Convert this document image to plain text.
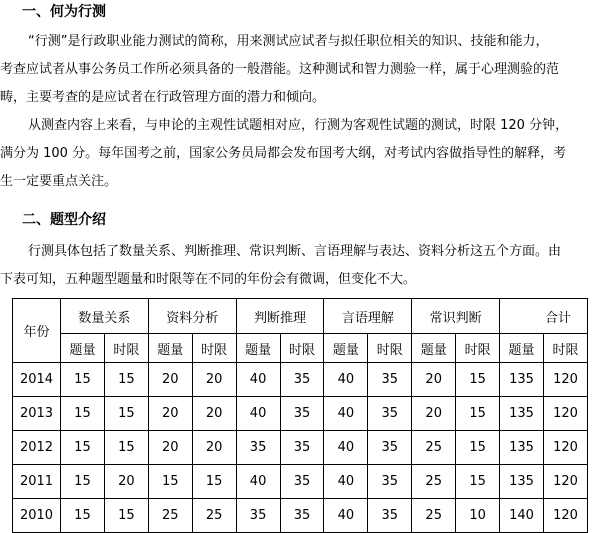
一、何为行测
“行测”是行政职业能力测试的简称，用来测试应试者与拟任职位相关的知识、技能和能力，
考查应试者从事公务员工作所必须具备的一般潜能。这种测试和智力测验一样，属于心理测验的范
畴，主要考查的是应试者在行政管理方面的潜力和倾向。
从测查内容上来看，与申论的主观性试题相对应，行测为客观性试题的测试，时限 120 分钟，
满分为 100 分。每年国考之前，国家公务员局都会发布国考大纲，对考试内容做指导性的解释，考
生一定要重点关注。
二、题型介绍
行测具体包括了数量关系、判断推理、常识判断、言语理解与表达、资料分析这五个方面。由
下表可知，五种题型题量和时限等在不同的年份会有微调，但变化不大。
年份	数量关系		资料分析		判断推理		言语理解		常识判断		合计	
	题量	时限	题量	时限	题量	时限	题量	时限	题量	时限	题量	时限
2014	15	15	20	20	40	35	40	35	20	15	135	120
2013	15	15	20	20	40	35	40	35	20	15	135	120
2012	15	15	20	20	35	35	40	35	25	15	135	120
2011	15	20	15	15	40	35	40	35	25	15	135	120
2010	15	15	25	25	35	35	40	35	25	10	140	120
